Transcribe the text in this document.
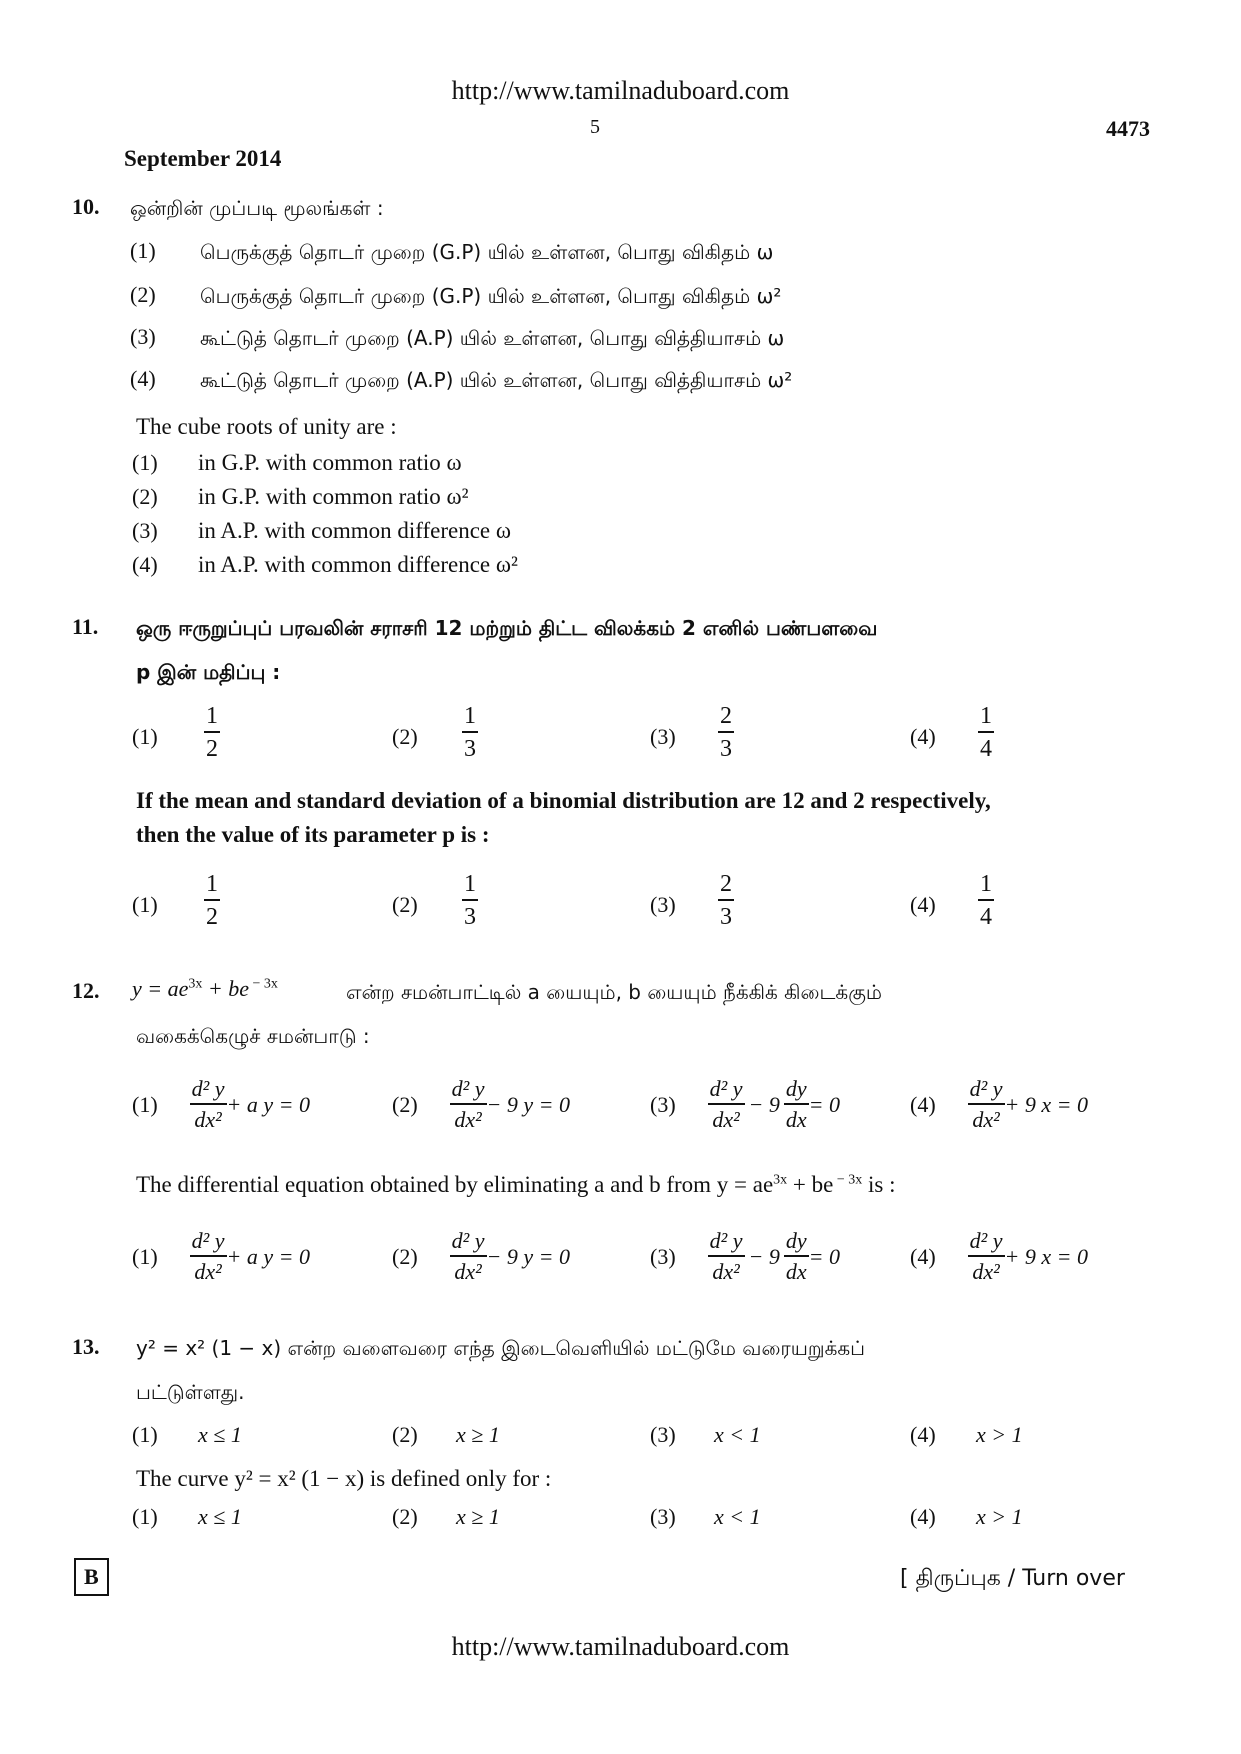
http://www.tamilnaduboard.com
5	4473
September 2014
10. ஒன்றின் முப்படி மூலங்கள் :
(1) பெருக்குத் தொடர் முறை (G.P) யில் உள்ளன, பொது விகிதம் ω
(2) பெருக்குத் தொடர் முறை (G.P) யில் உள்ளன, பொது விகிதம் ω²
(3) கூட்டுத் தொடர் முறை (A.P) யில் உள்ளன, பொது வித்தியாசம் ω
(4) கூட்டுத் தொடர் முறை (A.P) யில் உள்ளன, பொது வித்தியாசம் ω²
The cube roots of unity are :
(1) in G.P. with common ratio ω
(2) in G.P. with common ratio ω²
(3) in A.P. with common difference ω
(4) in A.P. with common difference ω²
11. ஒரு ஈருறுப்புப் பரவலின் சராசரி 12 மற்றும் திட்ட விலக்கம் 2 எனில் பண்பளவை
p இன் மதிப்பு :
$(1) \frac{1}{2}$	$(2) \frac{1}{3}$	$(3) \frac{2}{3}$	$(4) \frac{1}{4}$
If the mean and standard deviation of a binomial distribution are 12 and 2 respectively,
then the value of its parameter p is :
$(1) \frac{1}{2}$	$(2) \frac{1}{3}$	$(3) \frac{2}{3}$	$(4) \frac{1}{4}$
12. $y = ae^{3x}$ + be $^{- 3x}$	என்ற சமன்பாட்டில் a யையும், b யையும் நீக்கிக் கிடைக்கும்
வகைக்கெழுச் சமன்பாடு :
$(1) \frac{\text{d² y}}{\text{dx²}} + a$ y = 0	$(2) \frac{\text{d² y}}{\text{dx²}} - 9$ y = 0	$(3) \frac{\text{d² y}}{\text{dx²}} - 9 \frac{dy}{dx} = 0$	$(4) \frac{\text{d² y}}{\text{dx²}} + 9$ x = 0
The differential equation obtained by eliminating a and b from $y = ae^{3x}$ + be $^{- 3x}$ is :
$(1) \frac{\text{d² y}}{\text{dx²}} + a$ y = 0	$(2) \frac{\text{d² y}}{\text{dx²}} - 9$ y = 0	$(3) \frac{\text{d² y}}{\text{dx²}} - 9 \frac{dy}{dx} = 0$	$(4) \frac{\text{d² y}}{\text{dx²}} + 9$ x = 0
13. y² = x² (1 − x) என்ற வளைவரை எந்த இடைவெளியில் மட்டுமே வரையறுக்கப்
பட்டுள்ளது.
(1) x ≤ 1	(2) x ≥ 1	(3) x < 1	(4) x > 1
The curve y² = x² (1 − x) is defined only for :
(1) x ≤ 1	(2) x ≥ 1	(3) x < 1	(4) x > 1
B	[ திருப்புக / Turn over
http://www.tamilnaduboard.com
